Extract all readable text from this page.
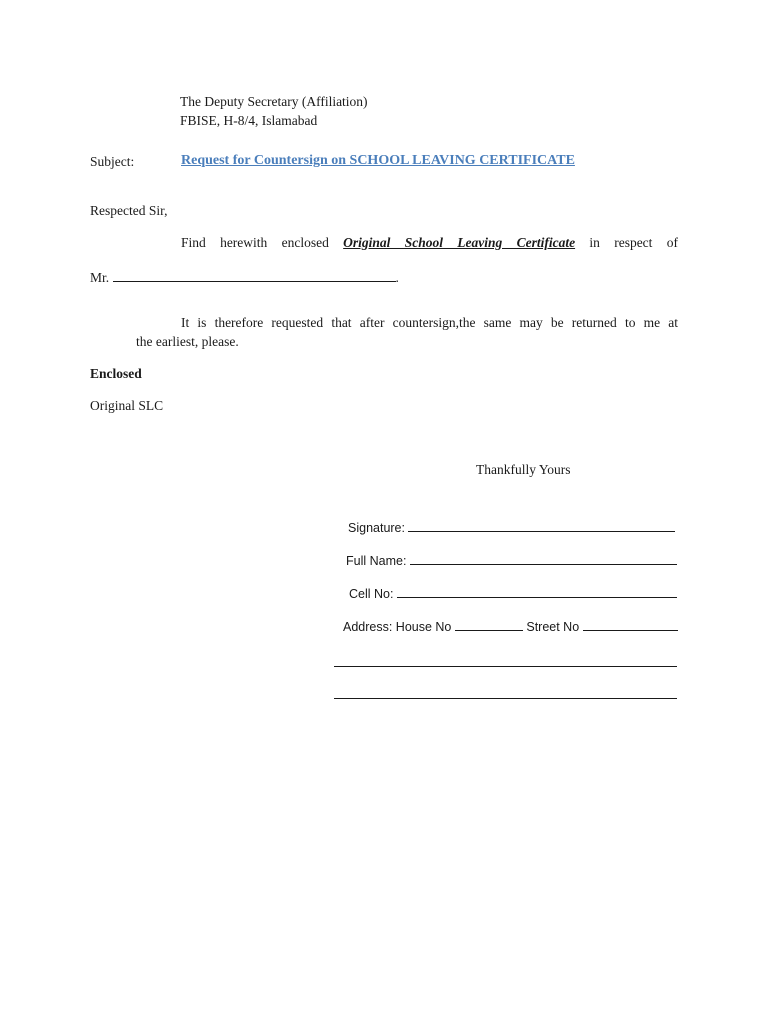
The Deputy Secretary (Affiliation)
FBISE, H-8/4, Islamabad
Subject:	Request for Countersign on SCHOOL LEAVING CERTIFICATE
Respected Sir,
Find herewith enclosed Original School Leaving Certificate in respect of
Mr.	.
It is therefore requested that after countersign,the same may be returned to me at
the earliest, please.
Enclosed
Original SLC
Thankfully Yours
Signature:
Full Name:
Cell No:
Address: House No	Street No
